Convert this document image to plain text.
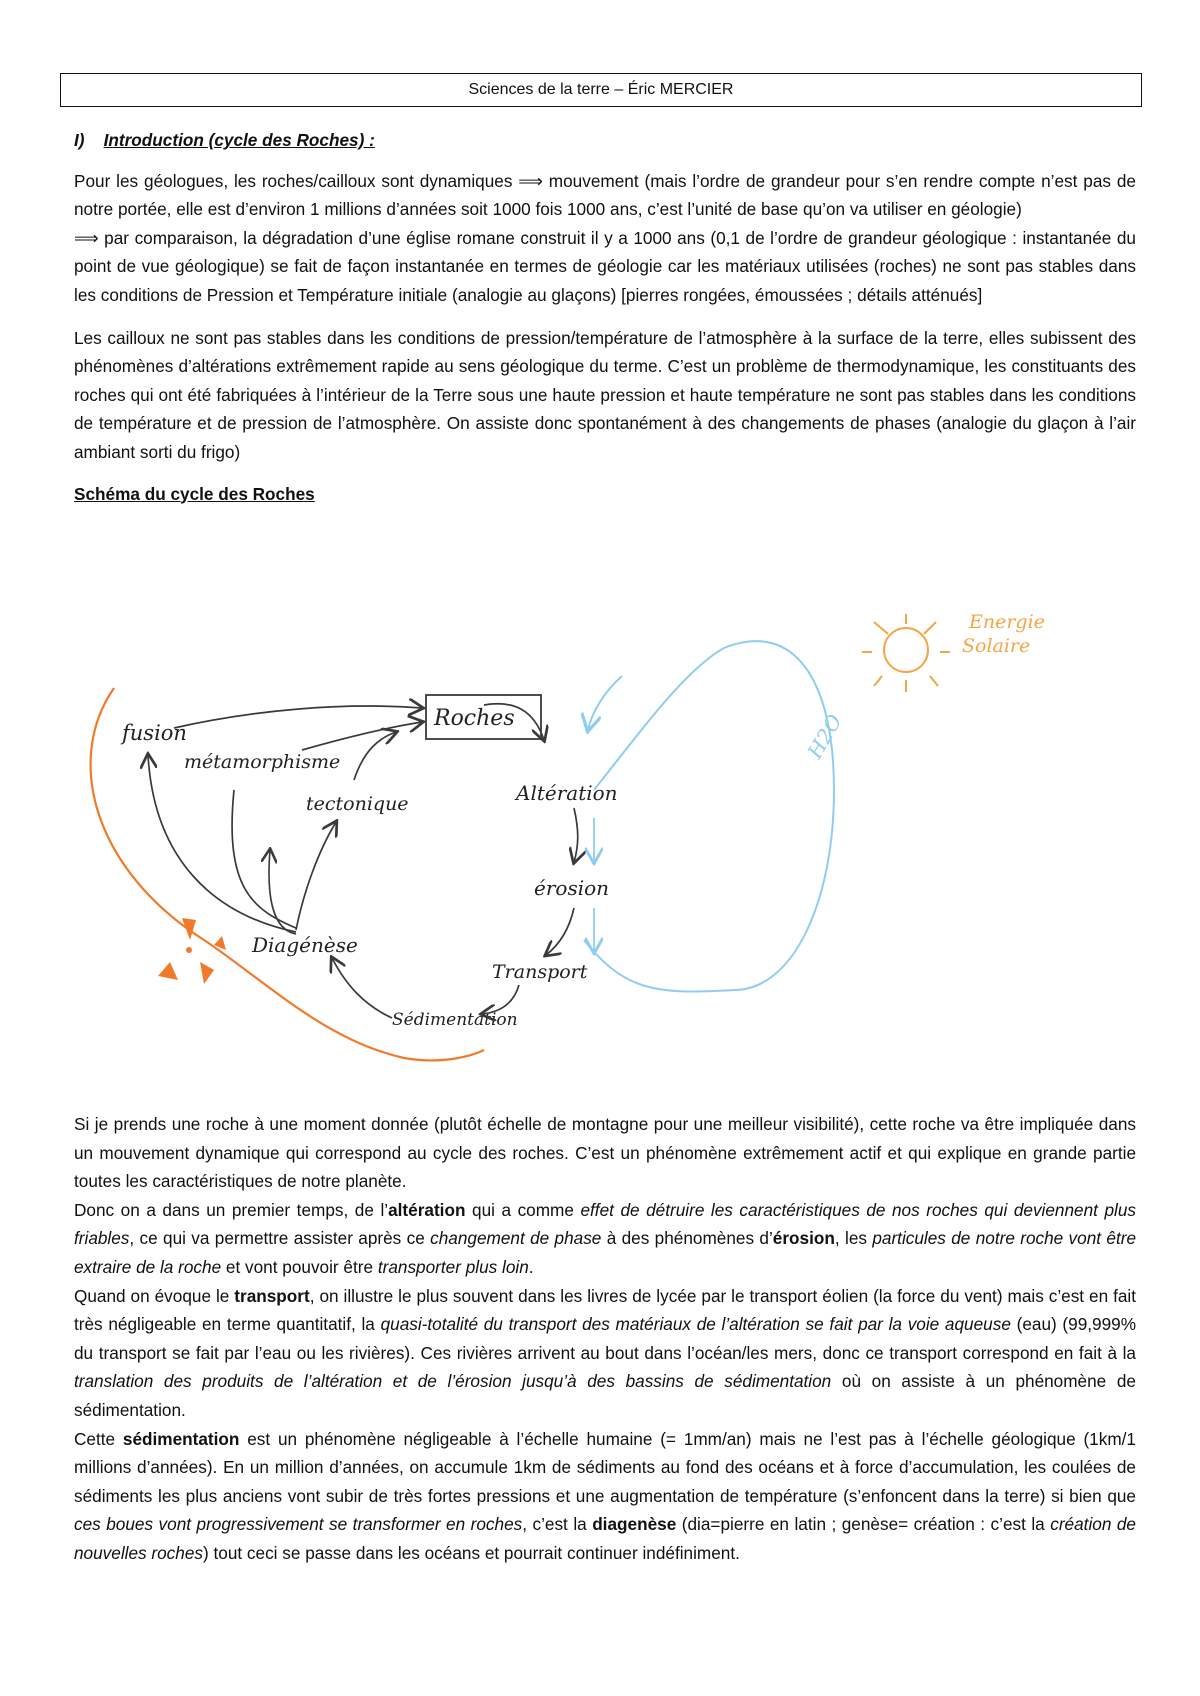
Sciences de la terre – Éric MERCIER

I) Introduction (cycle des Roches) :

Pour les géologues, les roches/cailloux sont dynamiques ⟹ mouvement (mais l’ordre de grandeur pour s’en rendre compte n’est pas de notre portée, elle est d’environ 1 millions d’années soit 1000 fois 1000 ans, c’est l’unité de base qu’on va utiliser en géologie)

⟹ par comparaison, la dégradation d’une église romane construit il y a 1000 ans (0,1 de l’ordre de grandeur géologique : instantanée du point de vue géologique) se fait de façon instantanée en termes de géologie car les matériaux utilisées (roches) ne sont pas stables dans les conditions de Pression et Température initiale (analogie au glaçons) [pierres rongées, émoussées ; détails atténués]

Les cailloux ne sont pas stables dans les conditions de pression/température de l’atmosphère à la surface de la terre, elles subissent des phénomènes d’altérations extrêmement rapide au sens géologique du terme. C’est un problème de thermodynamique, les constituants des roches qui ont été fabriquées à l’intérieur de la Terre sous une haute pression et haute température ne sont pas stables dans les conditions de température et de pression de l’atmosphère. On assiste donc spontanément à des changements de phases (analogie du glaçon à l’air ambiant sorti du frigo)

Schéma du cycle des Roches

Roches
fusion
métamorphisme
tectonique	Altération
érosion
Transport
Sédimentation
Diagénèse
H2O
Energie
Solaire

Si je prends une roche à une moment donnée (plutôt échelle de montagne pour une meilleur visibilité), cette roche va être impliquée dans un mouvement dynamique qui correspond au cycle des roches. C’est un phénomène extrêmement actif et qui explique en grande partie toutes les caractéristiques de notre planète.

Donc on a dans un premier temps, de l’altération qui a comme effet de détruire les caractéristiques de nos roches qui deviennent plus friables, ce qui va permettre assister après ce changement de phase à des phénomènes d’érosion, les particules de notre roche vont être extraire de la roche et vont pouvoir être transporter plus loin.

Quand on évoque le transport, on illustre le plus souvent dans les livres de lycée par le transport éolien (la force du vent) mais c’est en fait très négligeable en terme quantitatif, la quasi-totalité du transport des matériaux de l’altération se fait par la voie aqueuse (eau) (99,999% du transport se fait par l’eau ou les rivières). Ces rivières arrivent au bout dans l’océan/les mers, donc ce transport correspond en fait à la translation des produits de l’altération et de l’érosion jusqu’à des bassins de sédimentation où on assiste à un phénomène de sédimentation.

Cette sédimentation est un phénomène négligeable à l’échelle humaine (= 1mm/an) mais ne l’est pas à l’échelle géologique (1km/1 millions d’années). En un million d’années, on accumule 1km de sédiments au fond des océans et à force d’accumulation, les coulées de sédiments les plus anciens vont subir de très fortes pressions et une augmentation de température (s’enfoncent dans la terre) si bien que ces boues vont progressivement se transformer en roches, c’est la diagenèse (dia=pierre en latin ; genèse= création : c’est la création de nouvelles roches) tout ceci se passe dans les océans et pourrait continuer indéfiniment.
